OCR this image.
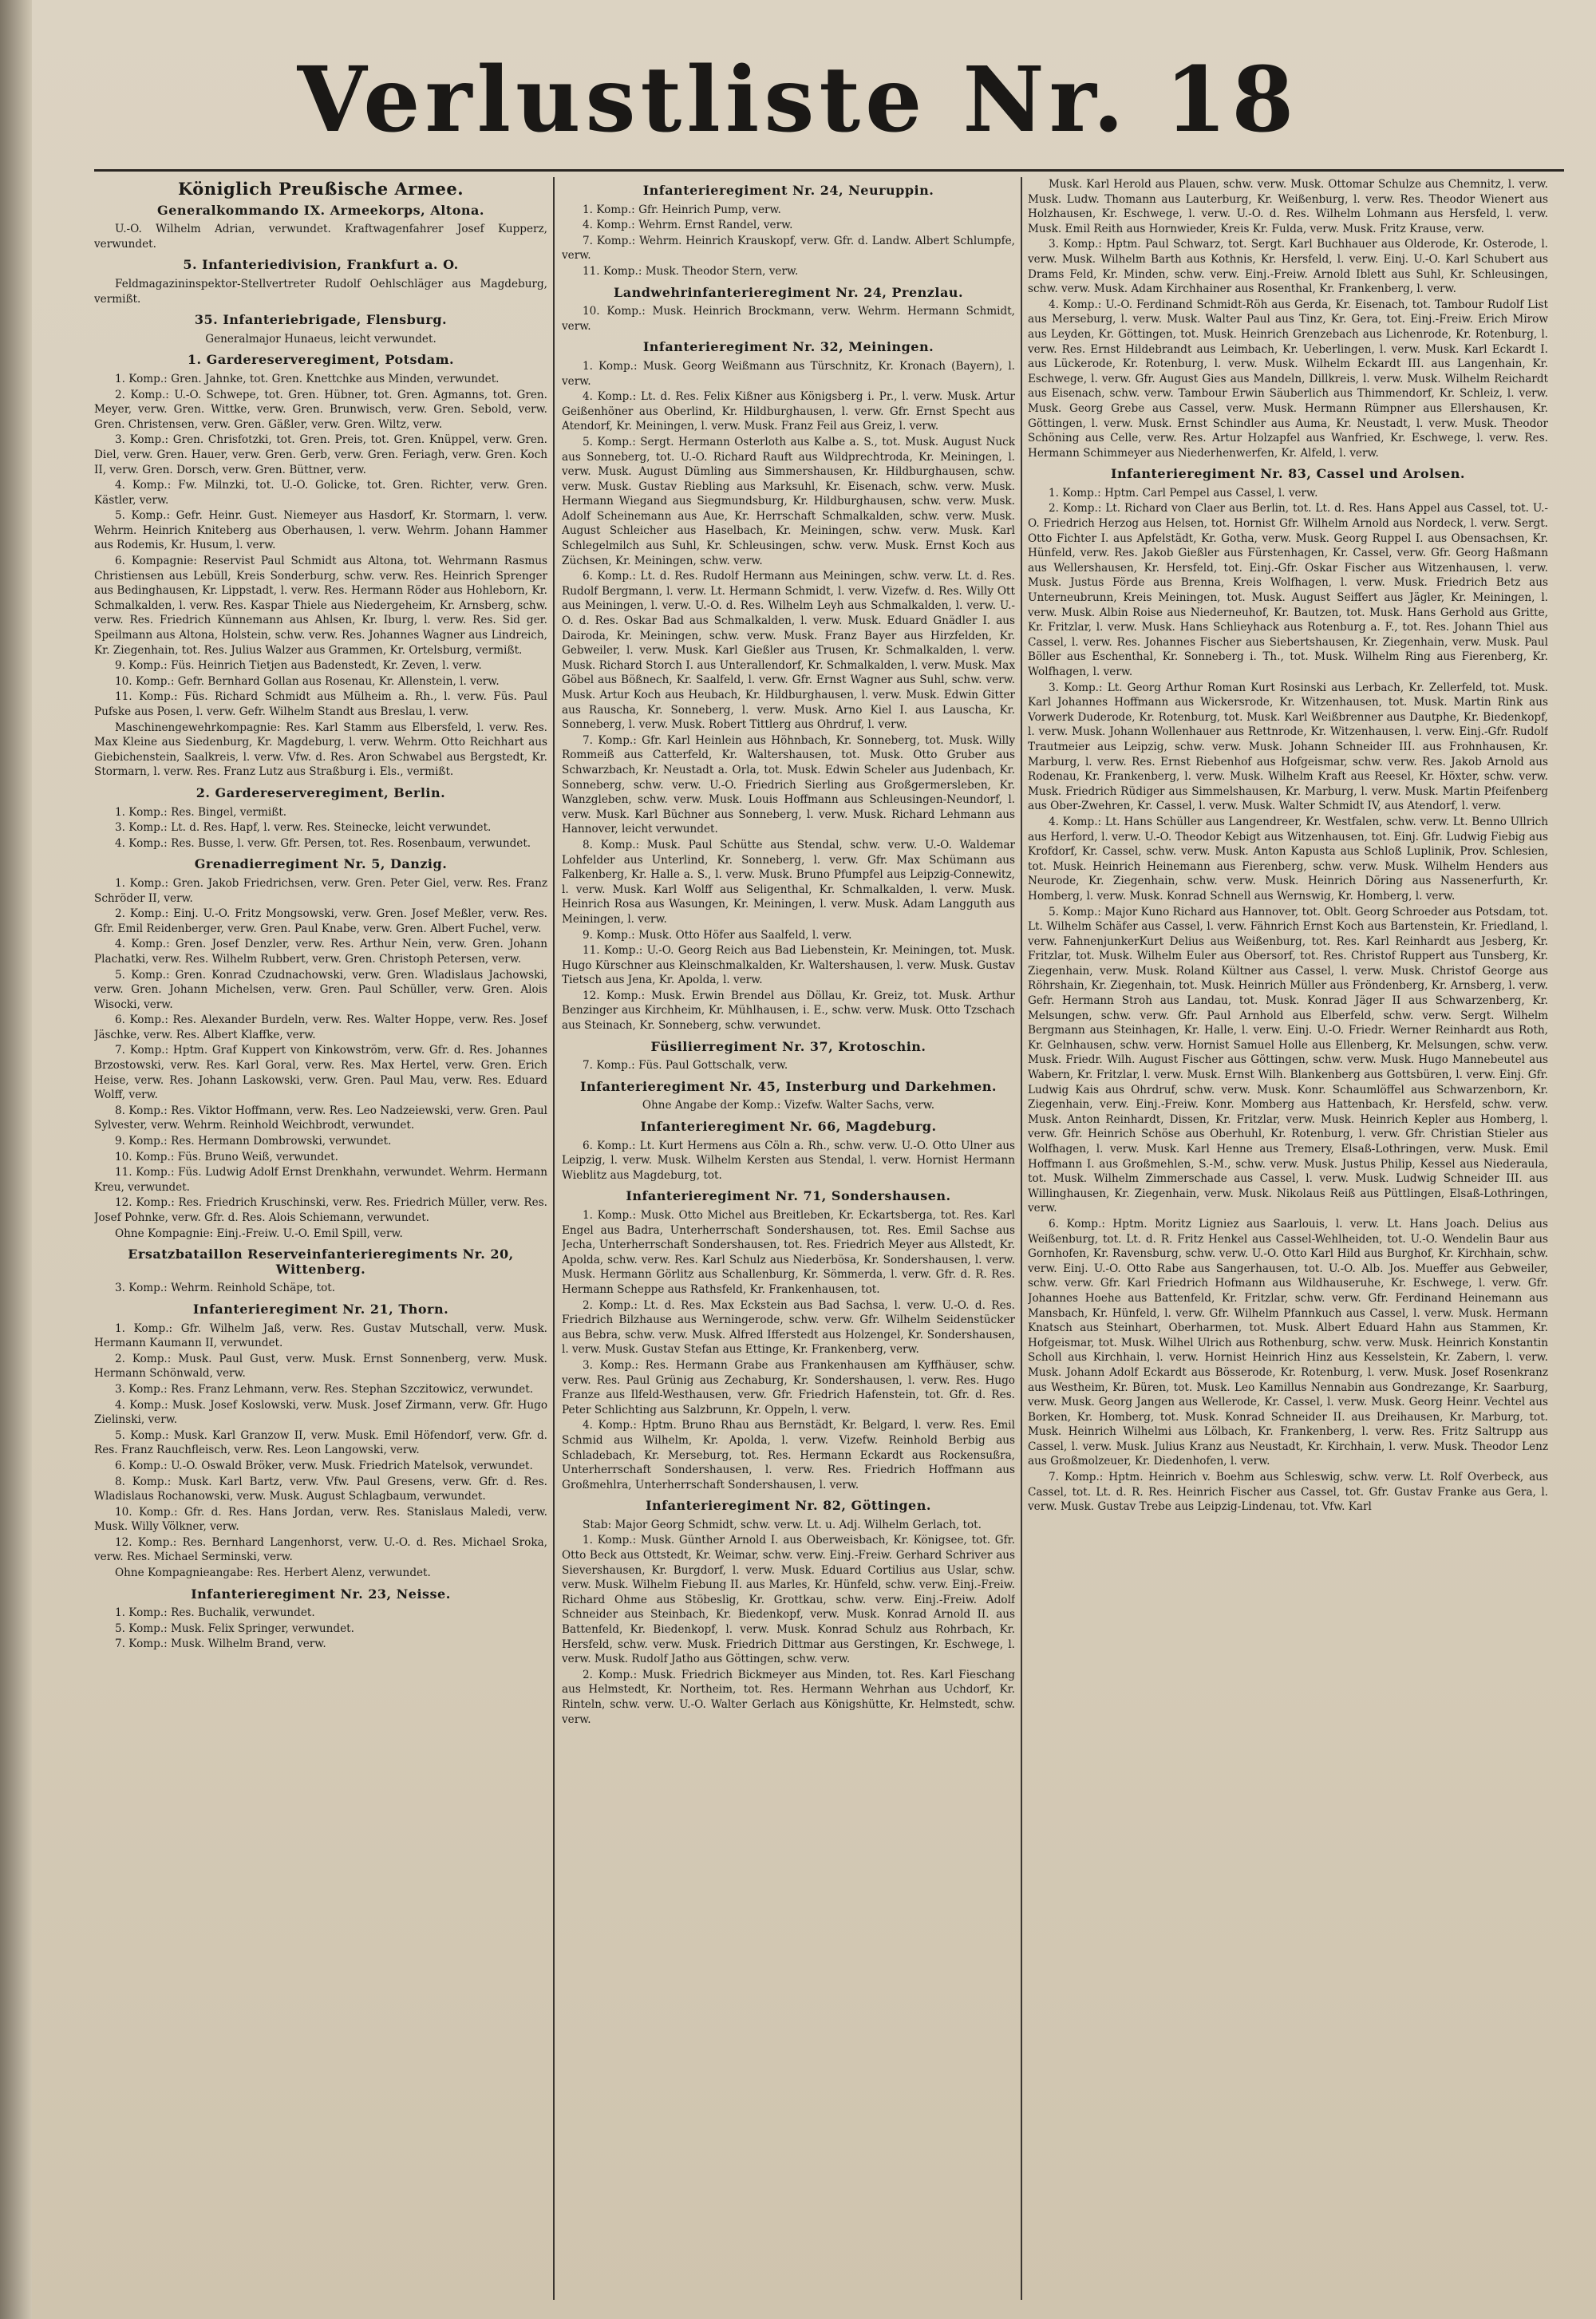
Verlustliste Nr. 18
Königlich Preußische Armee.
Generalkommando IX. Armeekorps, Altona.

U.-O. Wilhelm Adrian, verwundet. Kraftwagenfahrer Josef Kupperz, verwundet.

5. Infanteriedivision, Frankfurt a. O.

Feldmagazininspektor-Stellvertreter Rudolf Oehlschläger aus Magdeburg, vermißt.

35. Infanteriebrigade, Flensburg.
Generalmajor Hunaeus, leicht verwundet.
1. Gardereserveregiment, Potsdam.

1. Komp.: Gren. Jahnke, tot. Gren. Knettchke aus Minden, verwundet.

2. Komp.: U.-O. Schwepe, tot. Gren. Hübner, tot. Gren. Agmanns, tot. Gren. Meyer, verw. Gren. Wittke, verw. Gren. Brunwisch, verw. Gren. Sebold, verw. Gren. Christensen, verw. Gren. Gäßler, verw. Gren. Wiltz, verw.

3. Komp.: Gren. Chrisfotzki, tot. Gren. Preis, tot. Gren. Knüppel, verw. Gren. Diel, verw. Gren. Hauer, verw. Gren. Gerb, verw. Gren. Feriagh, verw. Gren. Koch II, verw. Gren. Dorsch, verw. Gren. Büttner, verw.

4. Komp.: Fw. Milnzki, tot. U.-O. Golicke, tot. Gren. Richter, verw. Gren. Kästler, verw.

5. Komp.: Gefr. Heinr. Gust. Niemeyer aus Hasdorf, Kr. Stormarn, l. verw. Wehrm. Heinrich Kniteberg aus Oberhausen, l. verw. Wehrm. Johann Hammer aus Rodemis, Kr. Husum, l. verw.

6. Kompagnie: Reservist Paul Schmidt aus Altona, tot. Wehrmann Rasmus Christiensen aus Lebüll, Kreis Sonderburg, schw. verw. Res. Heinrich Sprenger aus Bedinghausen, Kr. Lippstadt, l. verw. Res. Hermann Röder aus Hohleborn, Kr. Schmalkalden, l. verw. Res. Kaspar Thiele aus Niedergeheim, Kr. Arnsberg, schw. verw. Res. Friedrich Künnemann aus Ahlsen, Kr. Iburg, l. verw. Res. Sid ger. Speilmann aus Altona, Holstein, schw. verw. Res. Johannes Wagner aus Lindreich, Kr. Ziegenhain, tot. Res. Julius Walzer aus Grammen, Kr. Ortelsburg, vermißt.

9. Komp.: Füs. Heinrich Tietjen aus Badenstedt, Kr. Zeven, l. verw.

10. Komp.: Gefr. Bernhard Gollan aus Rosenau, Kr. Allenstein, l. verw.

11. Komp.: Füs. Richard Schmidt aus Mülheim a. Rh., l. verw. Füs. Paul Pufske aus Posen, l. verw. Gefr. Wilhelm Standt aus Breslau, l. verw.

Maschinengewehrkompagnie: Res. Karl Stamm aus Elbersfeld, l. verw. Res. Max Kleine aus Siedenburg, Kr. Magdeburg, l. verw. Wehrm. Otto Reichhart aus Giebichenstein, Saalkreis, l. verw. Vfw. d. Res. Aron Schwabel aus Bergstedt, Kr. Stormarn, l. verw. Res. Franz Lutz aus Straßburg i. Els., vermißt.

2. Gardereserveregiment, Berlin.

1. Komp.: Res. Bingel, vermißt.

3. Komp.: Lt. d. Res. Hapf, l. verw. Res. Steinecke, leicht verwundet.

4. Komp.: Res. Busse, l. verw. Gfr. Persen, tot. Res. Rosenbaum, verwundet.

Grenadierregiment Nr. 5, Danzig.

1. Komp.: Gren. Jakob Friedrichsen, verw. Gren. Peter Giel, verw. Res. Franz Schröder II, verw.

2. Komp.: Einj. U.-O. Fritz Mongsowski, verw. Gren. Josef Meßler, verw. Res. Gfr. Emil Reidenberger, verw. Gren. Paul Knabe, verw. Gren. Albert Fuchel, verw.

4. Komp.: Gren. Josef Denzler, verw. Res. Arthur Nein, verw. Gren. Johann Plachatki, verw. Res. Wilhelm Rubbert, verw. Gren. Christoph Petersen, verw.

5. Komp.: Gren. Konrad Czudnachowski, verw. Gren. Wladislaus Jachowski, verw. Gren. Johann Michelsen, verw. Gren. Paul Schüller, verw. Gren. Alois Wisocki, verw.

6. Komp.: Res. Alexander Burdeln, verw. Res. Walter Hoppe, verw. Res. Josef Jäschke, verw. Res. Albert Klaffke, verw.

7. Komp.: Hptm. Graf Kuppert von Kinkowström, verw. Gfr. d. Res. Johannes Brzostowski, verw. Res. Karl Goral, verw. Res. Max Hertel, verw. Gren. Erich Heise, verw. Res. Johann Laskowski, verw. Gren. Paul Mau, verw. Res. Eduard Wolff, verw.

8. Komp.: Res. Viktor Hoffmann, verw. Res. Leo Nadzeiewski, verw. Gren. Paul Sylvester, verw. Wehrm. Reinhold Weichbrodt, verwundet.

9. Komp.: Res. Hermann Dombrowski, verwundet.

10. Komp.: Füs. Bruno Weiß, verwundet.

11. Komp.: Füs. Ludwig Adolf Ernst Drenkhahn, verwundet. Wehrm. Hermann Kreu, verwundet.

12. Komp.: Res. Friedrich Kruschinski, verw. Res. Friedrich Müller, verw. Res. Josef Pohnke, verw. Gfr. d. Res. Alois Schiemann, verwundet.

Ohne Kompagnie: Einj.-Freiw. U.-O. Emil Spill, verw.

Ersatzbataillon Reserveinfanterieregiments Nr. 20, Wittenberg.

3. Komp.: Wehrm. Reinhold Schäpe, tot.

Infanterieregiment Nr. 21, Thorn.

1. Komp.: Gfr. Wilhelm Jaß, verw. Res. Gustav Mutschall, verw. Musk. Hermann Kaumann II, verwundet.

2. Komp.: Musk. Paul Gust, verw. Musk. Ernst Sonnenberg, verw. Musk. Hermann Schönwald, verw.

3. Komp.: Res. Franz Lehmann, verw. Res. Stephan Szczitowicz, verwundet.

4. Komp.: Musk. Josef Koslowski, verw. Musk. Josef Zirmann, verw. Gfr. Hugo Zielinski, verw.

5. Komp.: Musk. Karl Granzow II, verw. Musk. Emil Höfendorf, verw. Gfr. d. Res. Franz Rauchfleisch, verw. Res. Leon Langowski, verw.

6. Komp.: U.-O. Oswald Bröker, verw. Musk. Friedrich Matelsok, verwundet.

8. Komp.: Musk. Karl Bartz, verw. Vfw. Paul Gresens, verw. Gfr. d. Res. Wladislaus Rochanowski, verw. Musk. August Schlagbaum, verwundet.

10. Komp.: Gfr. d. Res. Hans Jordan, verw. Res. Stanislaus Maledi, verw. Musk. Willy Völkner, verw.

12. Komp.: Res. Bernhard Langenhorst, verw. U.-O. d. Res. Michael Sroka, verw. Res. Michael Serminski, verw.

Ohne Kompagnieangabe: Res. Herbert Alenz, verwundet.

Infanterieregiment Nr. 23, Neisse.

1. Komp.: Res. Buchalik, verwundet.

5. Komp.: Musk. Felix Springer, verwundet.

7. Komp.: Musk. Wilhelm Brand, verw.

Infanterieregiment Nr. 24, Neuruppin.

1. Komp.: Gfr. Heinrich Pump, verw.

4. Komp.: Wehrm. Ernst Randel, verw.

7. Komp.: Wehrm. Heinrich Krauskopf, verw. Gfr. d. Landw. Albert Schlumpfe, verw.

11. Komp.: Musk. Theodor Stern, verw.

Landwehrinfanterieregiment Nr. 24, Prenzlau.

10. Komp.: Musk. Heinrich Brockmann, verw. Wehrm. Hermann Schmidt, verw.

Infanterieregiment Nr. 32, Meiningen.

1. Komp.: Musk. Georg Weißmann aus Türschnitz, Kr. Kronach (Bayern), l. verw.

4. Komp.: Lt. d. Res. Felix Kißner aus Königsberg i. Pr., l. verw. Musk. Artur Geißenhöner aus Oberlind, Kr. Hildburghausen, l. verw. Gfr. Ernst Specht aus Atendorf, Kr. Meiningen, l. verw. Musk. Franz Feil aus Greiz, l. verw.

5. Komp.: Sergt. Hermann Osterloth aus Kalbe a. S., tot. Musk. August Nuck aus Sonneberg, tot. U.-O. Richard Rauft aus Wildprechtroda, Kr. Meiningen, l. verw. Musk. August Dümling aus Simmershausen, Kr. Hildburghausen, schw. verw. Musk. Gustav Riebling aus Marksuhl, Kr. Eisenach, schw. verw. Musk. Hermann Wiegand aus Siegmundsburg, Kr. Hildburghausen, schw. verw. Musk. Adolf Scheinemann aus Aue, Kr. Herrschaft Schmalkalden, schw. verw. Musk. August Schleicher aus Haselbach, Kr. Meiningen, schw. verw. Musk. Karl Schlegelmilch aus Suhl, Kr. Schleusingen, schw. verw. Musk. Ernst Koch aus Züchsen, Kr. Meiningen, schw. verw.

6. Komp.: Lt. d. Res. Rudolf Hermann aus Meiningen, schw. verw. Lt. d. Res. Rudolf Bergmann, l. verw. Lt. Hermann Schmidt, l. verw. Vizefw. d. Res. Willy Ott aus Meiningen, l. verw. U.-O. d. Res. Wilhelm Leyh aus Schmalkalden, l. verw. U.-O. d. Res. Oskar Bad aus Schmalkalden, l. verw. Musk. Eduard Gnädler I. aus Dairoda, Kr. Meiningen, schw. verw. Musk. Franz Bayer aus Hirzfelden, Kr. Gebweiler, l. verw. Musk. Karl Gießler aus Trusen, Kr. Schmalkalden, l. verw. Musk. Richard Storch I. aus Unterallendorf, Kr. Schmalkalden, l. verw. Musk. Max Göbel aus Bößnech, Kr. Saalfeld, l. verw. Gfr. Ernst Wagner aus Suhl, schw. verw. Musk. Artur Koch aus Heubach, Kr. Hildburghausen, l. verw. Musk. Edwin Gitter aus Rauscha, Kr. Sonneberg, l. verw. Musk. Arno Kiel I. aus Lauscha, Kr. Sonneberg, l. verw. Musk. Robert Tittlerg aus Ohrdruf, l. verw.

7. Komp.: Gfr. Karl Heinlein aus Höhnbach, Kr. Sonneberg, tot. Musk. Willy Rommeiß aus Catterfeld, Kr. Waltershausen, tot. Musk. Otto Gruber aus Schwarzbach, Kr. Neustadt a. Orla, tot. Musk. Edwin Scheler aus Judenbach, Kr. Sonneberg, schw. verw. U.-O. Friedrich Sierling aus Großgermersleben, Kr. Wanzgleben, schw. verw. Musk. Louis Hoffmann aus Schleusingen-Neundorf, l. verw. Musk. Karl Büchner aus Sonneberg, l. verw. Musk. Richard Lehmann aus Hannover, leicht verwundet.

8. Komp.: Musk. Paul Schütte aus Stendal, schw. verw. U.-O. Waldemar Lohfelder aus Unterlind, Kr. Sonneberg, l. verw. Gfr. Max Schümann aus Falkenberg, Kr. Halle a. S., l. verw. Musk. Bruno Pfumpfel aus Leipzig-Connewitz, l. verw. Musk. Karl Wolff aus Seligenthal, Kr. Schmalkalden, l. verw. Musk. Heinrich Rosa aus Wasungen, Kr. Meiningen, l. verw. Musk. Adam Langguth aus Meiningen, l. verw.

9. Komp.: Musk. Otto Höfer aus Saalfeld, l. verw.

11. Komp.: U.-O. Georg Reich aus Bad Liebenstein, Kr. Meiningen, tot. Musk. Hugo Kürschner aus Kleinschmalkalden, Kr. Waltershausen, l. verw. Musk. Gustav Tietsch aus Jena, Kr. Apolda, l. verw.

12. Komp.: Musk. Erwin Brendel aus Döllau, Kr. Greiz, tot. Musk. Arthur Benzinger aus Kirchheim, Kr. Mühlhausen, i. E., schw. verw. Musk. Otto Tzschach aus Steinach, Kr. Sonneberg, schw. verwundet.

Füsilierregiment Nr. 37, Krotoschin.

7. Komp.: Füs. Paul Gottschalk, verw.

Infanterieregiment Nr. 45, Insterburg und Darkehmen.
Ohne Angabe der Komp.: Vizefw. Walter Sachs, verw.
Infanterieregiment Nr. 66, Magdeburg.

6. Komp.: Lt. Kurt Hermens aus Cöln a. Rh., schw. verw. U.-O. Otto Ulner aus Leipzig, l. verw. Musk. Wilhelm Kersten aus Stendal, l. verw. Hornist Hermann Wieblitz aus Magdeburg, tot.

Infanterieregiment Nr. 71, Sondershausen.

1. Komp.: Musk. Otto Michel aus Breitleben, Kr. Eckartsberga, tot. Res. Karl Engel aus Badra, Unterherrschaft Sondershausen, tot. Res. Emil Sachse aus Jecha, Unterherrschaft Sondershausen, tot. Res. Friedrich Meyer aus Allstedt, Kr. Apolda, schw. verw. Res. Karl Schulz aus Niederbösa, Kr. Sondershausen, l. verw. Musk. Hermann Görlitz aus Schallenburg, Kr. Sömmerda, l. verw. Gfr. d. R. Res. Hermann Scheppe aus Rathsfeld, Kr. Frankenhausen, tot.

2. Komp.: Lt. d. Res. Max Eckstein aus Bad Sachsa, l. verw. U.-O. d. Res. Friedrich Bilzhause aus Werningerode, schw. verw. Gfr. Wilhelm Seidenstücker aus Bebra, schw. verw. Musk. Alfred Ifferstedt aus Holzengel, Kr. Sondershausen, l. verw. Musk. Gustav Stefan aus Ettinge, Kr. Frankenberg, verw.

3. Komp.: Res. Hermann Grabe aus Frankenhausen am Kyffhäuser, schw. verw. Res. Paul Grünig aus Zechaburg, Kr. Sondershausen, l. verw. Res. Hugo Franze aus Ilfeld-Westhausen, verw. Gfr. Friedrich Hafenstein, tot. Gfr. d. Res. Peter Schlichting aus Salzbrunn, Kr. Oppeln, l. verw.

4. Komp.: Hptm. Bruno Rhau aus Bernstädt, Kr. Belgard, l. verw. Res. Emil Schmid aus Wilhelm, Kr. Apolda, l. verw. Vizefw. Reinhold Berbig aus Schladebach, Kr. Merseburg, tot. Res. Hermann Eckardt aus Rockensußra, Unterherrschaft Sondershausen, l. verw. Res. Friedrich Hoffmann aus Großmehlra, Unterherrschaft Sondershausen, l. verw.

Infanterieregiment Nr. 82, Göttingen.

Stab: Major Georg Schmidt, schw. verw. Lt. u. Adj. Wilhelm Gerlach, tot.

1. Komp.: Musk. Günther Arnold I. aus Oberweisbach, Kr. Königsee, tot. Gfr. Otto Beck aus Ottstedt, Kr. Weimar, schw. verw. Einj.-Freiw. Gerhard Schriver aus Sievershausen, Kr. Burgdorf, l. verw. Musk. Eduard Cortilius aus Uslar, schw. verw. Musk. Wilhelm Fiebung II. aus Marles, Kr. Hünfeld, schw. verw. Einj.-Freiw. Richard Ohme aus Stöbeslig, Kr. Grottkau, schw. verw. Einj.-Freiw. Adolf Schneider aus Steinbach, Kr. Biedenkopf, verw. Musk. Konrad Arnold II. aus Battenfeld, Kr. Biedenkopf, l. verw. Musk. Konrad Schulz aus Rohrbach, Kr. Hersfeld, schw. verw. Musk. Friedrich Dittmar aus Gerstingen, Kr. Eschwege, l. verw. Musk. Rudolf Jatho aus Göttingen, schw. verw.

2. Komp.: Musk. Friedrich Bickmeyer aus Minden, tot. Res. Karl Fieschang aus Helmstedt, Kr. Northeim, tot. Res. Hermann Wehrhan aus Uchdorf, Kr. Rinteln, schw. verw. U.-O. Walter Gerlach aus Königshütte, Kr. Helmstedt, schw. verw.

Musk. Karl Herold aus Plauen, schw. verw. Musk. Ottomar Schulze aus Chemnitz, l. verw. Musk. Ludw. Thomann aus Lauterburg, Kr. Weißenburg, l. verw. Res. Theodor Wienert aus Holzhausen, Kr. Eschwege, l. verw. U.-O. d. Res. Wilhelm Lohmann aus Hersfeld, l. verw. Musk. Emil Reith aus Hornwieder, Kreis Kr. Fulda, verw. Musk. Fritz Krause, verw.

3. Komp.: Hptm. Paul Schwarz, tot. Sergt. Karl Buchhauer aus Olderode, Kr. Osterode, l. verw. Musk. Wilhelm Barth aus Kothnis, Kr. Hersfeld, l. verw. Einj. U.-O. Karl Schubert aus Drams Feld, Kr. Minden, schw. verw. Einj.-Freiw. Arnold Iblett aus Suhl, Kr. Schleusingen, schw. verw. Musk. Adam Kirchhainer aus Rosenthal, Kr. Frankenberg, l. verw.

4. Komp.: U.-O. Ferdinand Schmidt-Röh aus Gerda, Kr. Eisenach, tot. Tambour Rudolf List aus Merseburg, l. verw. Musk. Walter Paul aus Tinz, Kr. Gera, tot. Einj.-Freiw. Erich Mirow aus Leyden, Kr. Göttingen, tot. Musk. Heinrich Grenzebach aus Lichenrode, Kr. Rotenburg, l. verw. Res. Ernst Hildebrandt aus Leimbach, Kr. Ueberlingen, l. verw. Musk. Karl Eckardt I. aus Lückerode, Kr. Rotenburg, l. verw. Musk. Wilhelm Eckardt III. aus Langenhain, Kr. Eschwege, l. verw. Gfr. August Gies aus Mandeln, Dillkreis, l. verw. Musk. Wilhelm Reichardt aus Eisenach, schw. verw. Tambour Erwin Säuberlich aus Thimmendorf, Kr. Schleiz, l. verw. Musk. Georg Grebe aus Cassel, verw. Musk. Hermann Rümpner aus Ellershausen, Kr. Göttingen, l. verw. Musk. Ernst Schindler aus Auma, Kr. Neustadt, l. verw. Musk. Theodor Schöning aus Celle, verw. Res. Artur Holzapfel aus Wanfried, Kr. Eschwege, l. verw. Res. Hermann Schimmeyer aus Niederhenwerfen, Kr. Alfeld, l. verw.

Infanterieregiment Nr. 83, Cassel und Arolsen.

1. Komp.: Hptm. Carl Pempel aus Cassel, l. verw.

2. Komp.: Lt. Richard von Claer aus Berlin, tot. Lt. d. Res. Hans Appel aus Cassel, tot. U.-O. Friedrich Herzog aus Helsen, tot. Hornist Gfr. Wilhelm Arnold aus Nordeck, l. verw. Sergt. Otto Fichter I. aus Apfelstädt, Kr. Gotha, verw. Musk. Georg Ruppel I. aus Obensachsen, Kr. Hünfeld, verw. Res. Jakob Gießler aus Fürstenhagen, Kr. Cassel, verw. Gfr. Georg Haßmann aus Wellershausen, Kr. Hersfeld, tot. Einj.-Gfr. Oskar Fischer aus Witzenhausen, l. verw. Musk. Justus Förde aus Brenna, Kreis Wolfhagen, l. verw. Musk. Friedrich Betz aus Unterneubrunn, Kreis Meiningen, tot. Musk. August Seiffert aus Jägler, Kr. Meiningen, l. verw. Musk. Albin Roise aus Niederneuhof, Kr. Bautzen, tot. Musk. Hans Gerhold aus Gritte, Kr. Fritzlar, l. verw. Musk. Hans Schlieyhack aus Rotenburg a. F., tot. Res. Johann Thiel aus Cassel, l. verw. Res. Johannes Fischer aus Siebertshausen, Kr. Ziegenhain, verw. Musk. Paul Böller aus Eschenthal, Kr. Sonneberg i. Th., tot. Musk. Wilhelm Ring aus Fierenberg, Kr. Wolfhagen, l. verw.

3. Komp.: Lt. Georg Arthur Roman Kurt Rosinski aus Lerbach, Kr. Zellerfeld, tot. Musk. Karl Johannes Hoffmann aus Wickersrode, Kr. Witzenhausen, tot. Musk. Martin Rink aus Vorwerk Duderode, Kr. Rotenburg, tot. Musk. Karl Weißbrenner aus Dautphe, Kr. Biedenkopf, l. verw. Musk. Johann Wollenhauer aus Rettnrode, Kr. Witzenhausen, l. verw. Einj.-Gfr. Rudolf Trautmeier aus Leipzig, schw. verw. Musk. Johann Schneider III. aus Frohnhausen, Kr. Marburg, l. verw. Res. Ernst Riebenhof aus Hofgeismar, schw. verw. Res. Jakob Arnold aus Rodenau, Kr. Frankenberg, l. verw. Musk. Wilhelm Kraft aus Reesel, Kr. Höxter, schw. verw. Musk. Friedrich Rüdiger aus Simmelshausen, Kr. Marburg, l. verw. Musk. Martin Pfeifenberg aus Ober-Zwehren, Kr. Cassel, l. verw. Musk. Walter Schmidt IV, aus Atendorf, l. verw.

4. Komp.: Lt. Hans Schüller aus Langendreer, Kr. Westfalen, schw. verw. Lt. Benno Ullrich aus Herford, l. verw. U.-O. Theodor Kebigt aus Witzenhausen, tot. Einj. Gfr. Ludwig Fiebig aus Krofdorf, Kr. Cassel, schw. verw. Musk. Anton Kapusta aus Schloß Luplinik, Prov. Schlesien, tot. Musk. Heinrich Heinemann aus Fierenberg, schw. verw. Musk. Wilhelm Henders aus Neurode, Kr. Ziegenhain, schw. verw. Musk. Heinrich Döring aus Nassenerfurth, Kr. Homberg, l. verw. Musk. Konrad Schnell aus Wernswig, Kr. Homberg, l. verw.

5. Komp.: Major Kuno Richard aus Hannover, tot. Oblt. Georg Schroeder aus Potsdam, tot. Lt. Wilhelm Schäfer aus Cassel, l. verw. Fähnrich Ernst Koch aus Bartenstein, Kr. Friedland, l. verw. FahnenjunkerKurt Delius aus Weißenburg, tot. Res. Karl Reinhardt aus Jesberg, Kr. Fritzlar, tot. Musk. Wilhelm Euler aus Obersorf, tot. Res. Christof Ruppert aus Tunsberg, Kr. Ziegenhain, verw. Musk. Roland Kültner aus Cassel, l. verw. Musk. Christof George aus Röhrshain, Kr. Ziegenhain, tot. Musk. Heinrich Müller aus Fröndenberg, Kr. Arnsberg, l. verw. Gefr. Hermann Stroh aus Landau, tot. Musk. Konrad Jäger II aus Schwarzenberg, Kr. Melsungen, schw. verw. Gfr. Paul Arnhold aus Elberfeld, schw. verw. Sergt. Wilhelm Bergmann aus Steinhagen, Kr. Halle, l. verw. Einj. U.-O. Friedr. Werner Reinhardt aus Roth, Kr. Gelnhausen, schw. verw. Hornist Samuel Holle aus Ellenberg, Kr. Melsungen, schw. verw. Musk. Friedr. Wilh. August Fischer aus Göttingen, schw. verw. Musk. Hugo Mannebeutel aus Wabern, Kr. Fritzlar, l. verw. Musk. Ernst Wilh. Blankenberg aus Gottsbüren, l. verw. Einj. Gfr. Ludwig Kais aus Ohrdruf, schw. verw. Musk. Konr. Schaumlöffel aus Schwarzenborn, Kr. Ziegenhain, verw. Einj.-Freiw. Konr. Momberg aus Hattenbach, Kr. Hersfeld, schw. verw. Musk. Anton Reinhardt, Dissen, Kr. Fritzlar, verw. Musk. Heinrich Kepler aus Homberg, l. verw. Gfr. Heinrich Schöse aus Oberhuhl, Kr. Rotenburg, l. verw. Gfr. Christian Stieler aus Wolfhagen, l. verw. Musk. Karl Henne aus Tremery, Elsaß-Lothringen, verw. Musk. Emil Hoffmann I. aus Großmehlen, S.-M., schw. verw. Musk. Justus Philip, Kessel aus Niederaula, tot. Musk. Wilhelm Zimmerschade aus Cassel, l. verw. Musk. Ludwig Schneider III. aus Willinghausen, Kr. Ziegenhain, verw. Musk. Nikolaus Reiß aus Püttlingen, Elsaß-Lothringen, verw.

6. Komp.: Hptm. Moritz Ligniez aus Saarlouis, l. verw. Lt. Hans Joach. Delius aus Weißenburg, tot. Lt. d. R. Fritz Henkel aus Cassel-Wehlheiden, tot. U.-O. Wendelin Baur aus Gornhofen, Kr. Ravensburg, schw. verw. U.-O. Otto Karl Hild aus Burghof, Kr. Kirchhain, schw. verw. Einj. U.-O. Otto Rabe aus Sangerhausen, tot. U.-O. Alb. Jos. Mueffer aus Gebweiler, schw. verw. Gfr. Karl Friedrich Hofmann aus Wildhauseruhe, Kr. Eschwege, l. verw. Gfr. Johannes Hoehe aus Battenfeld, Kr. Fritzlar, schw. verw. Gfr. Ferdinand Heinemann aus Mansbach, Kr. Hünfeld, l. verw. Gfr. Wilhelm Pfannkuch aus Cassel, l. verw. Musk. Hermann Knatsch aus Steinhart, Oberharmen, tot. Musk. Albert Eduard Hahn aus Stammen, Kr. Hofgeismar, tot. Musk. Wilhel Ulrich aus Rothenburg, schw. verw. Musk. Heinrich Konstantin Scholl aus Kirchhain, l. verw. Hornist Heinrich Hinz aus Kesselstein, Kr. Zabern, l. verw. Musk. Johann Adolf Eckardt aus Bösserode, Kr. Rotenburg, l. verw. Musk. Josef Rosenkranz aus Westheim, Kr. Büren, tot. Musk. Leo Kamillus Nennabin aus Gondrezange, Kr. Saarburg, verw. Musk. Georg Jangen aus Wellerode, Kr. Cassel, l. verw. Musk. Georg Heinr. Vechtel aus Borken, Kr. Homberg, tot. Musk. Konrad Schneider II. aus Dreihausen, Kr. Marburg, tot. Musk. Heinrich Wilhelmi aus Lölbach, Kr. Frankenberg, l. verw. Res. Fritz Saltrupp aus Cassel, l. verw. Musk. Julius Kranz aus Neustadt, Kr. Kirchhain, l. verw. Musk. Theodor Lenz aus Großmolzeuer, Kr. Diedenhofen, l. verw.

7. Komp.: Hptm. Heinrich v. Boehm aus Schleswig, schw. verw. Lt. Rolf Overbeck, aus Cassel, tot. Lt. d. R. Res. Heinrich Fischer aus Cassel, tot. Gfr. Gustav Franke aus Gera, l. verw. Musk. Gustav Trebe aus Leipzig-Lindenau, tot. Vfw. Karl
